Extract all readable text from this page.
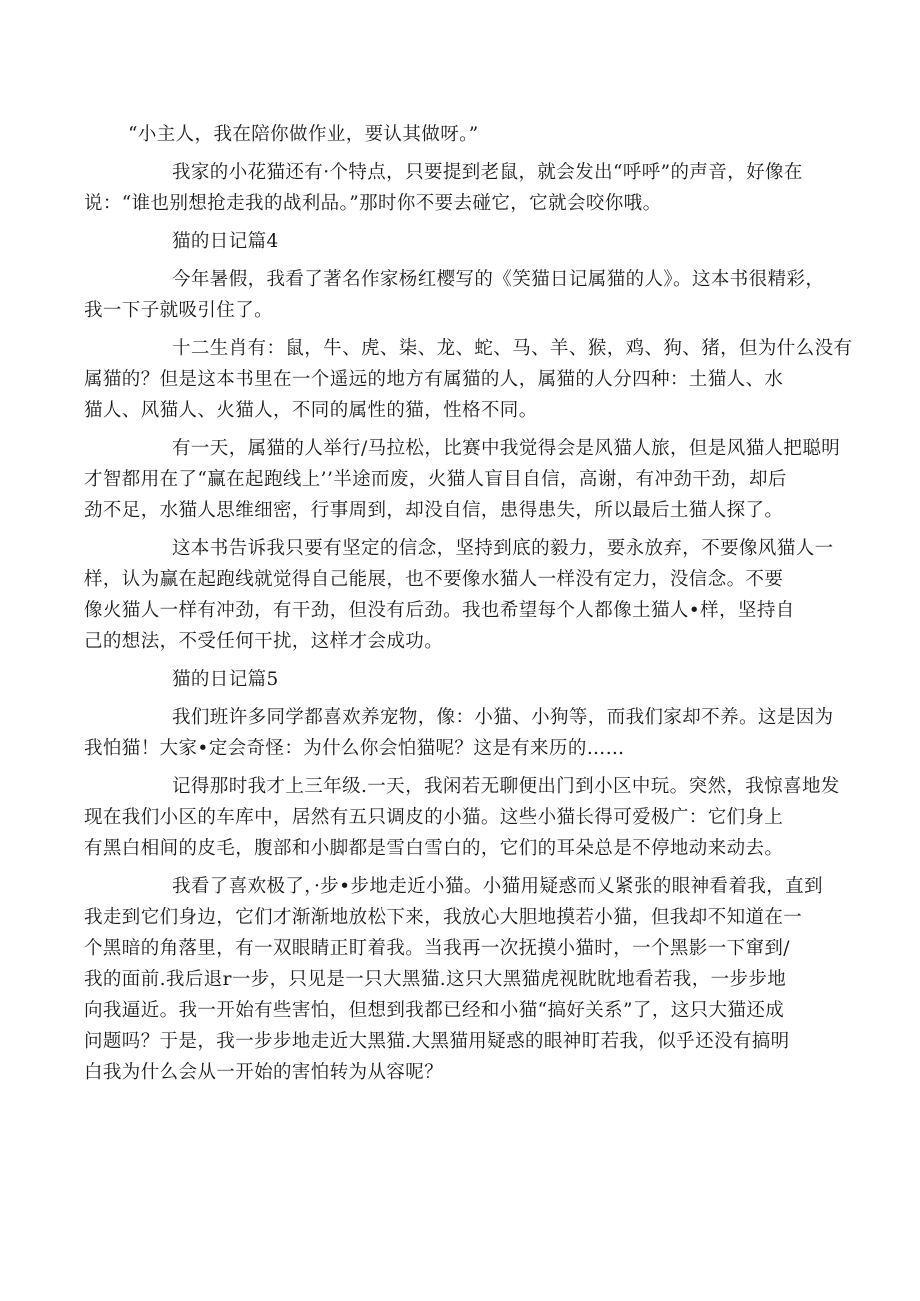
“小主人，我在陪你做作业，要认其做呀。”
我家的小花猫还有·个特点，只要提到老鼠，就会发出“呼呼”的声音，好像在
说：“谁也别想抢走我的战利品。”那时你不要去碰它，它就会咬你哦。
猫的日记篇4
今年暑假，我看了著名作家杨红樱写的《笑猫日记属猫的人》。这本书很精彩，
我一下子就吸引住了。
十二生肖有：鼠，牛、虎、柒、龙、蛇、马、羊、猴，鸡、狗、猪，但为什么没有
属猫的？但是这本书里在一个遥远的地方有属猫的人，属猫的人分四种：土猫人、水
猫人、风猫人、火猫人，不同的属性的猫，性格不同。
有一天，属猫的人举行/马拉松，比赛中我觉得会是风猫人旅，但是风猫人把聪明
才智都用在了“赢在起跑线上’’半途而废，火猫人盲目自信，高谢，有冲劲干劲，却后
劲不足，水猫人思维细密，行事周到，却没自信，患得患失，所以最后土猫人探了。
这本书告诉我只要有坚定的信念，坚持到底的毅力，要永放弃，不要像风猫人一
样，认为赢在起跑线就觉得自己能展，也不要像水猫人一样没有定力，没信念。不要
像火猫人一样有冲劲，有干劲，但没有后劲。我也希望每个人都像土猫人•样，坚持自
己的想法，不受任何干扰，这样才会成功。
猫的日记篇5
我们班许多同学都喜欢养宠物，像：小猫、小狗等，而我们家却不养。这是因为
我怕猫！大家•定会奇怪：为什么你会怕猫呢？这是有来历的……
记得那时我才上三年级.一天，我闲若无聊便出门到小区中玩。突然，我惊喜地发
现在我们小区的车库中，居然有五只调皮的小猫。这些小猫长得可爱极广：它们身上
有黑白相间的皮毛，腹部和小脚都是雪白雪白的，它们的耳朵总是不停地动来动去。
我看了喜欢极了，·步•步地走近小猫。小猫用疑惑而乂紧张的眼神看着我，直到
我走到它们身边，它们才渐渐地放松下来，我放心大胆地摸若小猫，但我却不知道在一
个黑暗的角落里，有一双眼睛正盯着我。当我再一次抚摸小猫时，一个黑影一下窜到/
我的面前.我后退r一步，只见是一只大黑猫.这只大黑猫虎视眈眈地看若我，一步步地
向我逼近。我一开始有些害怕，但想到我都已经和小猫“搞好关系”了，这只大猫还成
问题吗？于是，我一步步地走近大黑猫.大黑猫用疑惑的眼神盯若我，似乎还没有搞明
白我为什么会从一开始的害怕转为从容呢？
